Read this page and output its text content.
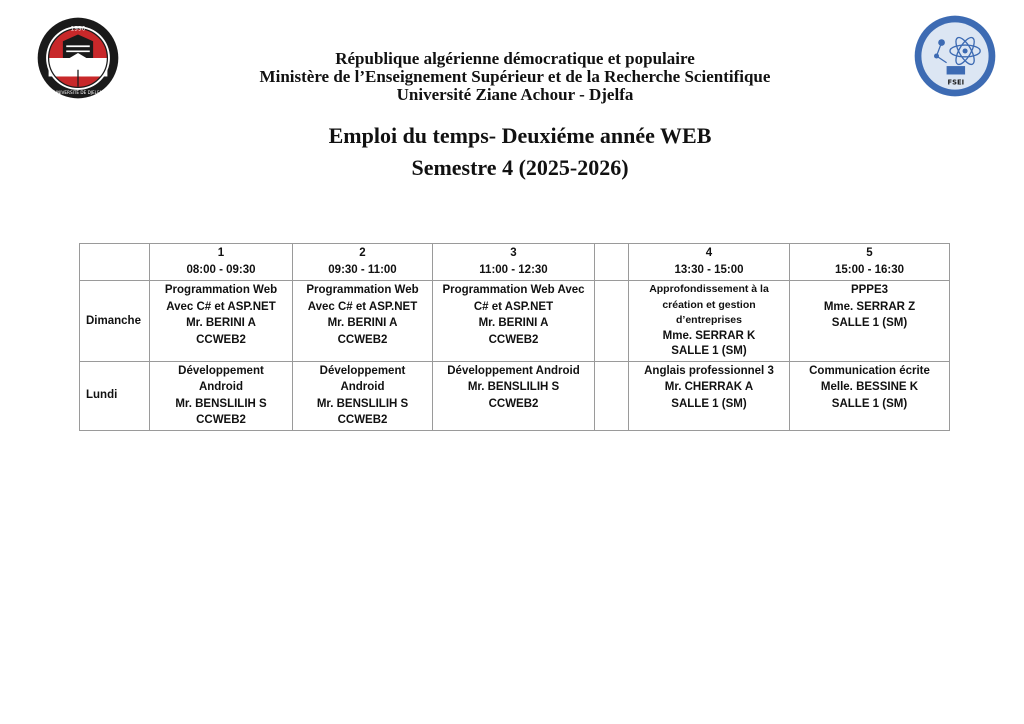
1990
U D
UNIVERSITÉ DE DJELFA
FSEI
République algérienne démocratique et populaire
Ministère de l’Enseignement Supérieur et de la Recherche Scientifique
Université Ziane Achour - Djelfa
Emploi du temps- Deuxiéme année WEB
Semestre 4 (2025-2026)

	1
08:00 - 09:30	2
09:30 - 11:00	3
11:00 - 12:30		4
13:30 - 15:00	5
15:00 - 16:30

Dimanche	Programmation Web
Avec C# et ASP.NET
Mr. BERINI A
CCWEB2	Programmation Web
Avec C# et ASP.NET
Mr. BERINI A
CCWEB2	Programmation Web Avec
C# et ASP.NET
Mr. BERINI A
CCWEB2		Approfondissement à la
création et gestion
d’entreprises
Mme. SERRAR K
SALLE 1 (SM)	PPPE3
Mme. SERRAR Z
SALLE 1 (SM)

Lundi	Développement
Android
Mr. BENSLILIH S
CCWEB2	Développement
Android
Mr. BENSLILIH S
CCWEB2	Développement Android
Mr. BENSLILIH S
CCWEB2		Anglais professionnel 3
Mr. CHERRAK A
SALLE 1 (SM)	Communication écrite
Melle. BESSINE K
SALLE 1 (SM)
